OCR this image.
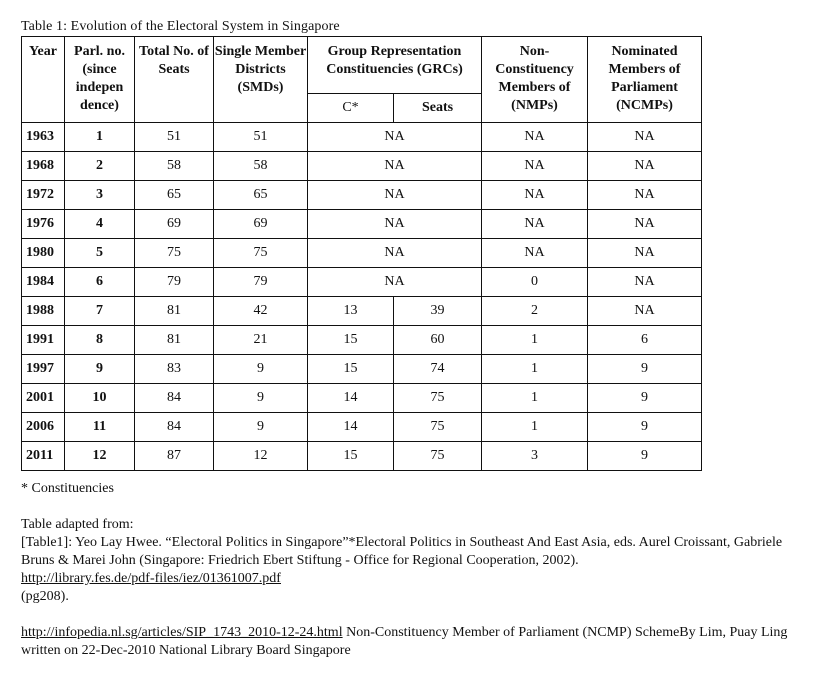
Table 1: Evolution of the Electoral System in Singapore
Year	Parl. no. (since indepen dence)	Total No. of Seats	Single Member Districts (SMDs)	Group Representation Constituencies (GRCs)		Non-Constituency Members of (NMPs)	Nominated Members of Parliament (NCMPs)
				C*	Seats		
1963	1	51	51	NA		NA	NA
1968	2	58	58	NA		NA	NA
1972	3	65	65	NA		NA	NA
1976	4	69	69	NA		NA	NA
1980	5	75	75	NA		NA	NA
1984	6	79	79	NA		0	NA
1988	7	81	42	13	39	2	NA
1991	8	81	21	15	60	1	6
1997	9	83	9	15	74	1	9
2001	10	84	9	14	75	1	9
2006	11	84	9	14	75	1	9
2011	12	87	12	15	75	3	9
* Constituencies

Table adapted from:

[Table1]: Yeo Lay Hwee. “Electoral Politics in Singapore”*Electoral Politics in Southeast And East Asia, eds. Aurel Croissant, Gabriele Bruns & Marei John (Singapore: Friedrich Ebert Stiftung - Office for Regional Cooperation, 2002).
http://library.fes.de/pdf-files/iez/01361007.pdf

(pg208).

http://infopedia.nl.sg/articles/SIP_1743_2010-12-24.html Non-Constituency Member of Parliament (NCMP) SchemeBy Lim, Puay Ling written on 22-Dec-2010 National Library Board Singapore
